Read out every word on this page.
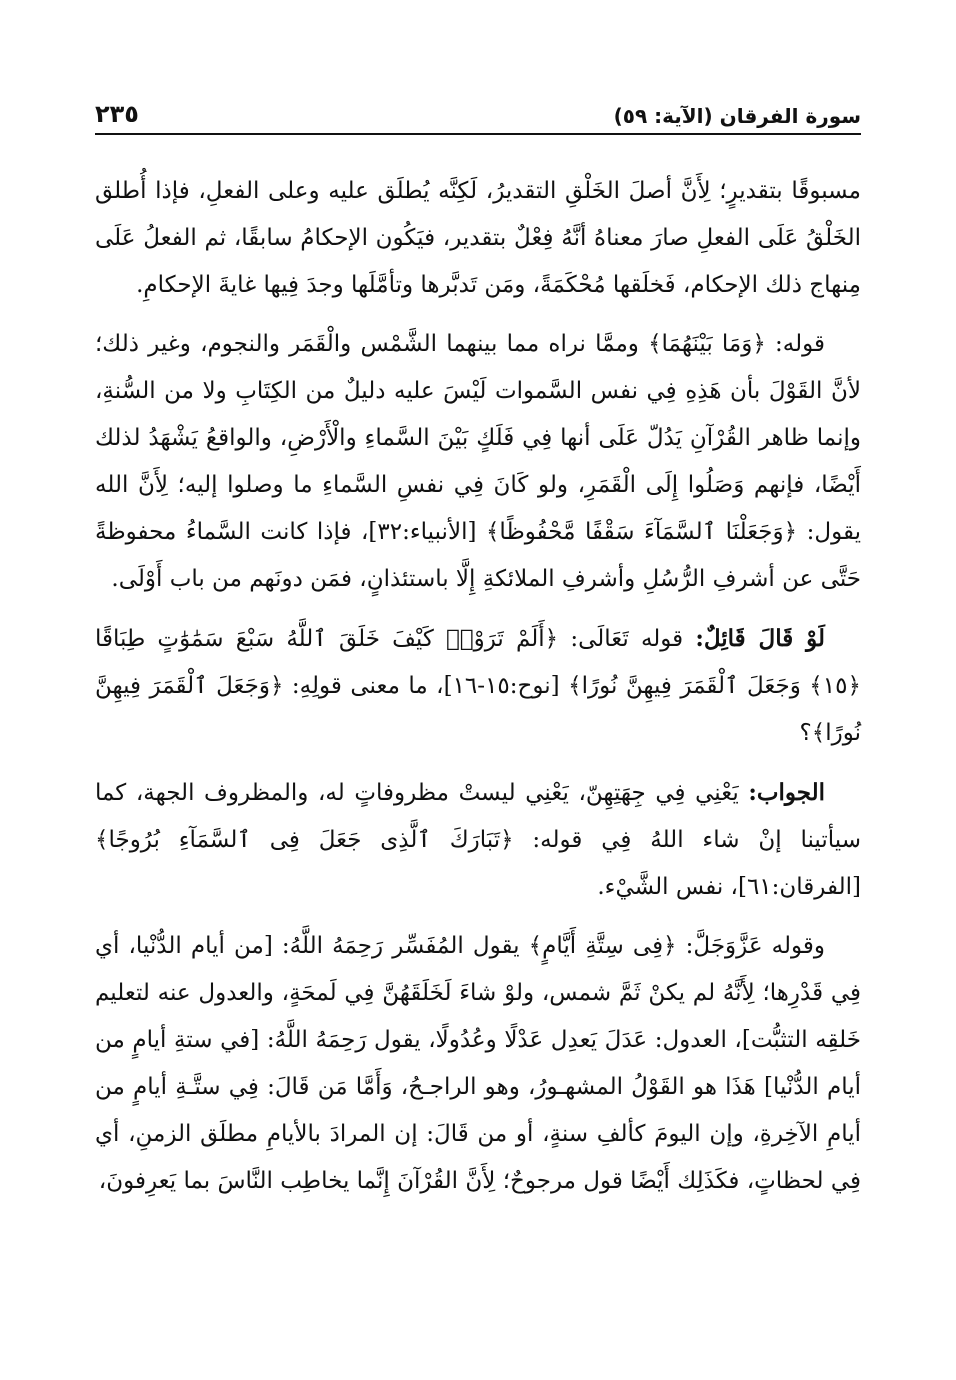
٢٣٥	سورة الفرقان (الآية: ٥٩)

مسبوقًا بتقديرٍ؛ لِأَنَّ أصلَ الخَلْقِ التقديرُ، لَكِنَّه يُطلَق عليه وعلى الفعلِ، فإذا أُطلق الخَلْقُ عَلَى الفعلِ صارَ معناهُ أنَّهُ فِعْلٌ بتقدير، فيَكُون الإحكامُ سابقًا، ثم الفعلُ عَلَى مِنهاج ذلك الإحكام، فَخلَقها مُحْكَمَةً، ومَن تَدبَّرها وتأمَّلَها وجدَ فِيها غايةَ الإحكامِ.

قوله: ﴿وَمَا بَيْنَهُمَا﴾ وممَّا نراه مما بينهما الشَّمْس والْقَمَر والنجوم، وغير ذلك؛ لأنَّ القَوْلَ بأن هَذِهِ فِي نفس السَّموات لَيْسَ عليه دليلٌ من الكِتَابِ ولا من السُّنةِ، وإنما ظاهر القُرْآنِ يَدُلّ عَلَى أنها فِي فَلَكٍ بَيْنَ السَّماءِ والْأَرْضِ، والواقعُ يَشْهَدُ لذلك أَيْضًا، فإنهم وَصَلُوا إِلَى الْقَمَرِ، ولو كَانَ فِي نفسِ السَّماءِ ما وصلوا إليه؛ لِأَنَّ الله يقول: ﴿وَجَعَلْنَا ٱلسَّمَآءَ سَقْفًا مَّحْفُوظًا﴾ [الأنبياء:٣٢]، فإذا كانت السَّماءُ محفوظةً حَتَّى عن أشرفِ الرُّسُلِ وأشرفِ الملائكةِ إِلَّا باستئذانٍ، فمَن دونَهم من باب أَوْلَى.

لَوْ قَالَ قَائِلٌ: قوله تَعَالَى: ﴿أَلَمْ تَرَوْا۟ كَيْفَ خَلَقَ ٱللَّهُ سَبْعَ سَمَٰوَٰتٍ طِبَاقًا ﴿١٥﴾ وَجَعَلَ ٱلْقَمَرَ فِيهِنَّ نُورًا﴾ [نوح:١٥-١٦]، ما معنى قولِهِ: ﴿وَجَعَلَ ٱلْقَمَرَ فِيهِنَّ نُورًا﴾؟

الجواب: يَعْنِي فِي جِهَتِهِنّ، يَعْنِي ليستْ مظروفاتٍ له، والمظروف الجهة، كما سيأتينا إنْ شاء اللهُ فِي قوله: ﴿تَبَارَكَ ٱلَّذِى جَعَلَ فِى ٱلسَّمَآءِ بُرُوجًا﴾ [الفرقان:٦١]، نفس الشَّيْء.

وقوله عَزَّوَجَلَّ: ﴿فِى سِتَّةِ أَيَّامٍ﴾ يقول المُفَسِّر رَحِمَهُ اللَّهُ: [من أيام الدُّنْيا، أي فِي قَدْرِها؛ لِأَنَّهُ لم يكنْ ثَمَّ شمس، ولوْ شاءَ لَخَلَقَهُنَّ فِي لَمحَةٍ، والعدول عنه لتعليم خَلقِه التثبُّت]، العدول: عَدَلَ يَعدِل عَدْلًا وعُدُولًا، يقول رَحِمَهُ اللَّهُ: [في ستةِ أيامٍ من أيام الدُّنْيا] هَذَا هو القَوْلُ المشهـورُ، وهو الراجـحُ، وَأَمَّا مَن قَالَ: فِي ستَّـةِ أيامٍ من أيامِ الآخِرةِ، وإن اليومَ كألفِ سنةٍ، أو من قَالَ: إن المرادَ بالأيامِ مطلَق الزمنِ، أي فِي لحظاتٍ، فكَذَلِك أَيْضًا قول مرجوحٌ؛ لِأَنَّ القُرْآنَ إِنَّما يخاطِب النَّاسَ بما يَعرِفونَ،
